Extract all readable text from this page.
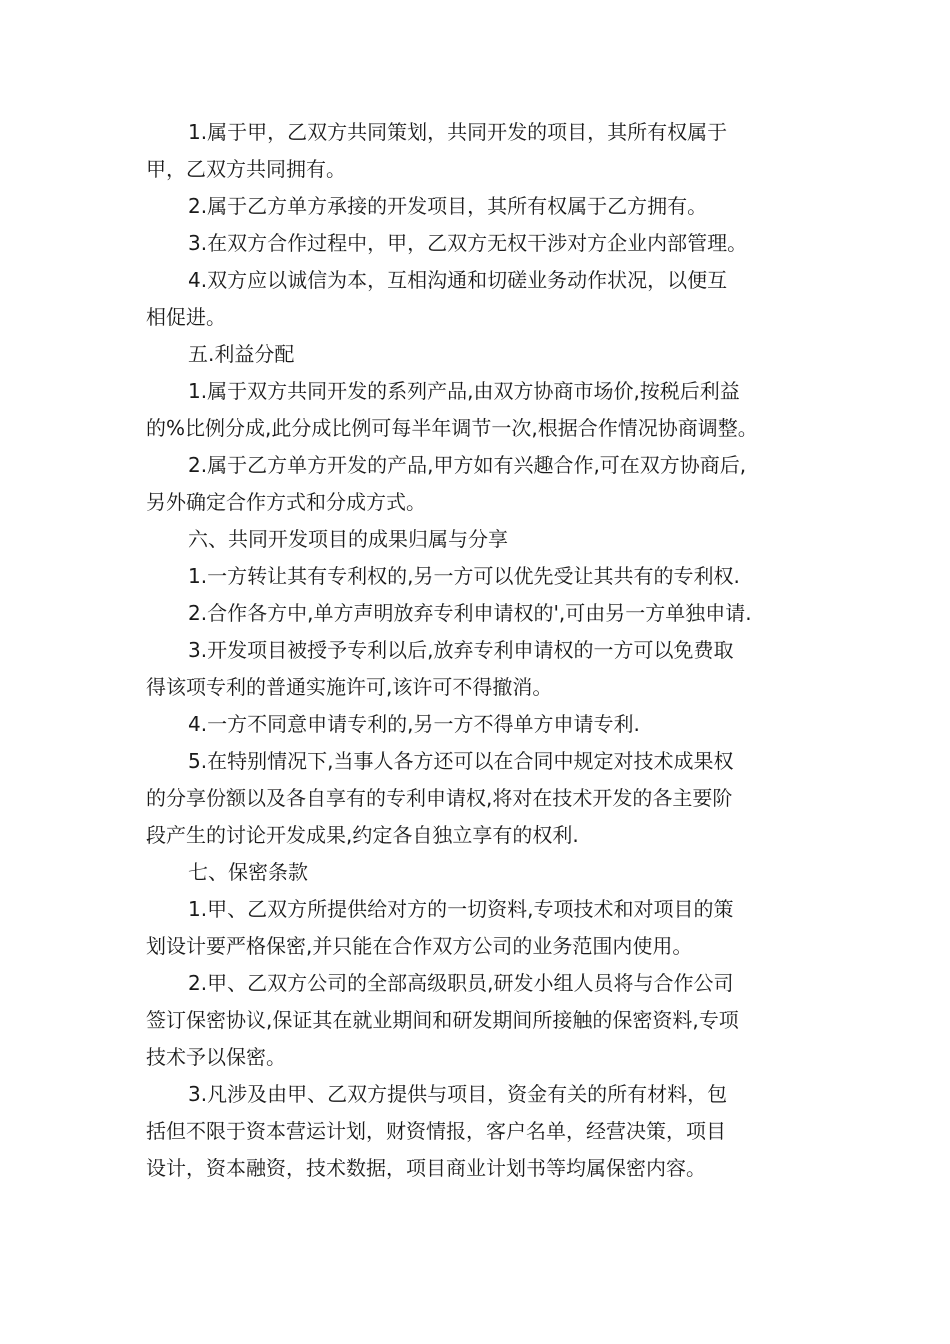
1.属于甲，乙双方共同策划，共同开发的项目，其所有权属于
甲，乙双方共同拥有。
2.属于乙方单方承接的开发项目，其所有权属于乙方拥有。
3.在双方合作过程中，甲，乙双方无权干涉对方企业内部管理。
4.双方应以诚信为本，互相沟通和切磋业务动作状况，以便互
相促进。
五.利益分配
1.属于双方共同开发的系列产品,由双方协商市场价,按税后利益
的%比例分成,此分成比例可每半年调节一次,根据合作情况协商调整。
2.属于乙方单方开发的产品,甲方如有兴趣合作,可在双方协商后,
另外确定合作方式和分成方式。
六、共同开发项目的成果归属与分享
1.一方转让其有专利权的,另一方可以优先受让其共有的专利权.
2.合作各方中,单方声明放弃专利申请权的',可由另一方单独申请.
3.开发项目被授予专利以后,放弃专利申请权的一方可以免费取
得该项专利的普通实施许可,该许可不得撤消。
4.一方不同意申请专利的,另一方不得单方申请专利.
5.在特别情况下,当事人各方还可以在合同中规定对技术成果权
的分享份额以及各自享有的专利申请权,将对在技术开发的各主要阶
段产生的讨论开发成果,约定各自独立享有的权利.
七、保密条款
1.甲、乙双方所提供给对方的一切资料,专项技术和对项目的策
划设计要严格保密,并只能在合作双方公司的业务范围内使用。
2.甲、乙双方公司的全部高级职员,研发小组人员将与合作公司
签订保密协议,保证其在就业期间和研发期间所接触的保密资料,专项
技术予以保密。
3.凡涉及由甲、乙双方提供与项目，资金有关的所有材料，包
括但不限于资本营运计划，财资情报，客户名单，经营决策，项目
设计，资本融资，技术数据，项目商业计划书等均属保密内容。
